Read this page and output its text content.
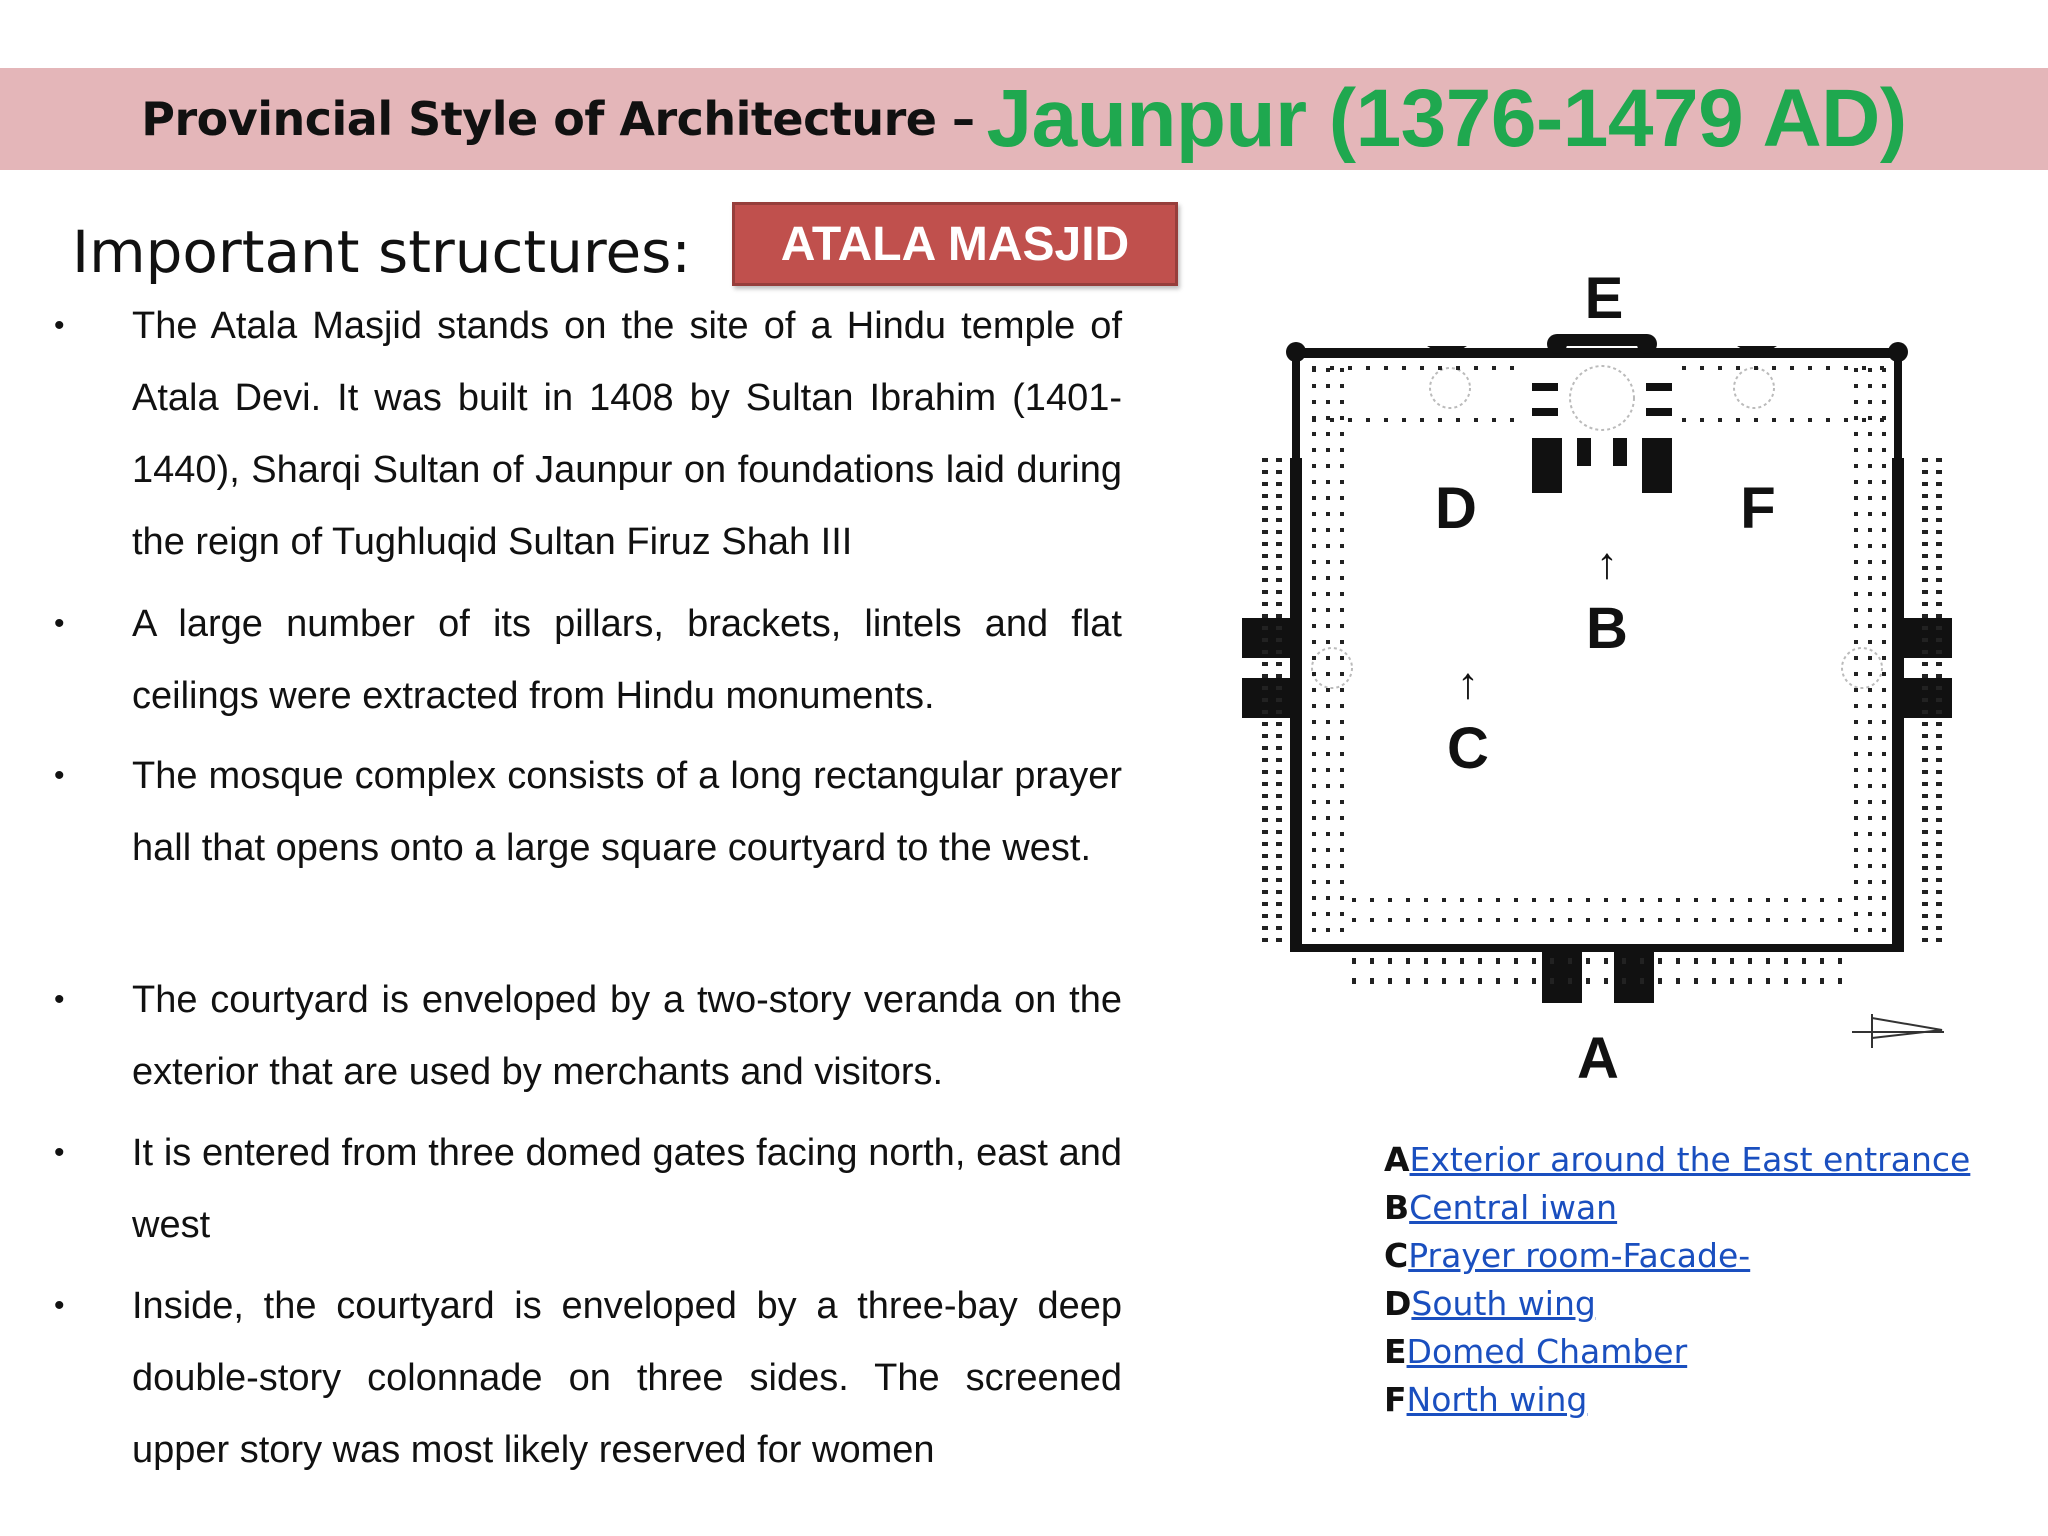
Provincial Style of Architecture – Jaunpur (1376-1479 AD)
Important structures:	ATALA MASJID
• The Atala Masjid stands on the site of a Hindu temple of Atala Devi. It was built in 1408 by Sultan Ibrahim (1401-1440), Sharqi Sultan of Jaunpur on foundations laid during the reign of Tughluqid Sultan Firuz Shah III
• A large number of its pillars, brackets, lintels and flat ceilings were extracted from Hindu monuments.
• The mosque complex consists of a long rectangular prayer hall that opens onto a large square courtyard to the west.
• The courtyard is enveloped by a two-story veranda on the exterior that are used by merchants and visitors.
• It is entered from three domed gates facing north, east and west
• Inside, the courtyard is enveloped by a three-bay deep double-story colonnade on three sides. The screened upper story was most likely reserved for women
E
D	F
B
C
A
↑
↑
AExterior around the East entrance
BCentral iwan
CPrayer room-Facade-
DSouth wing
EDomed Chamber
FNorth wing
